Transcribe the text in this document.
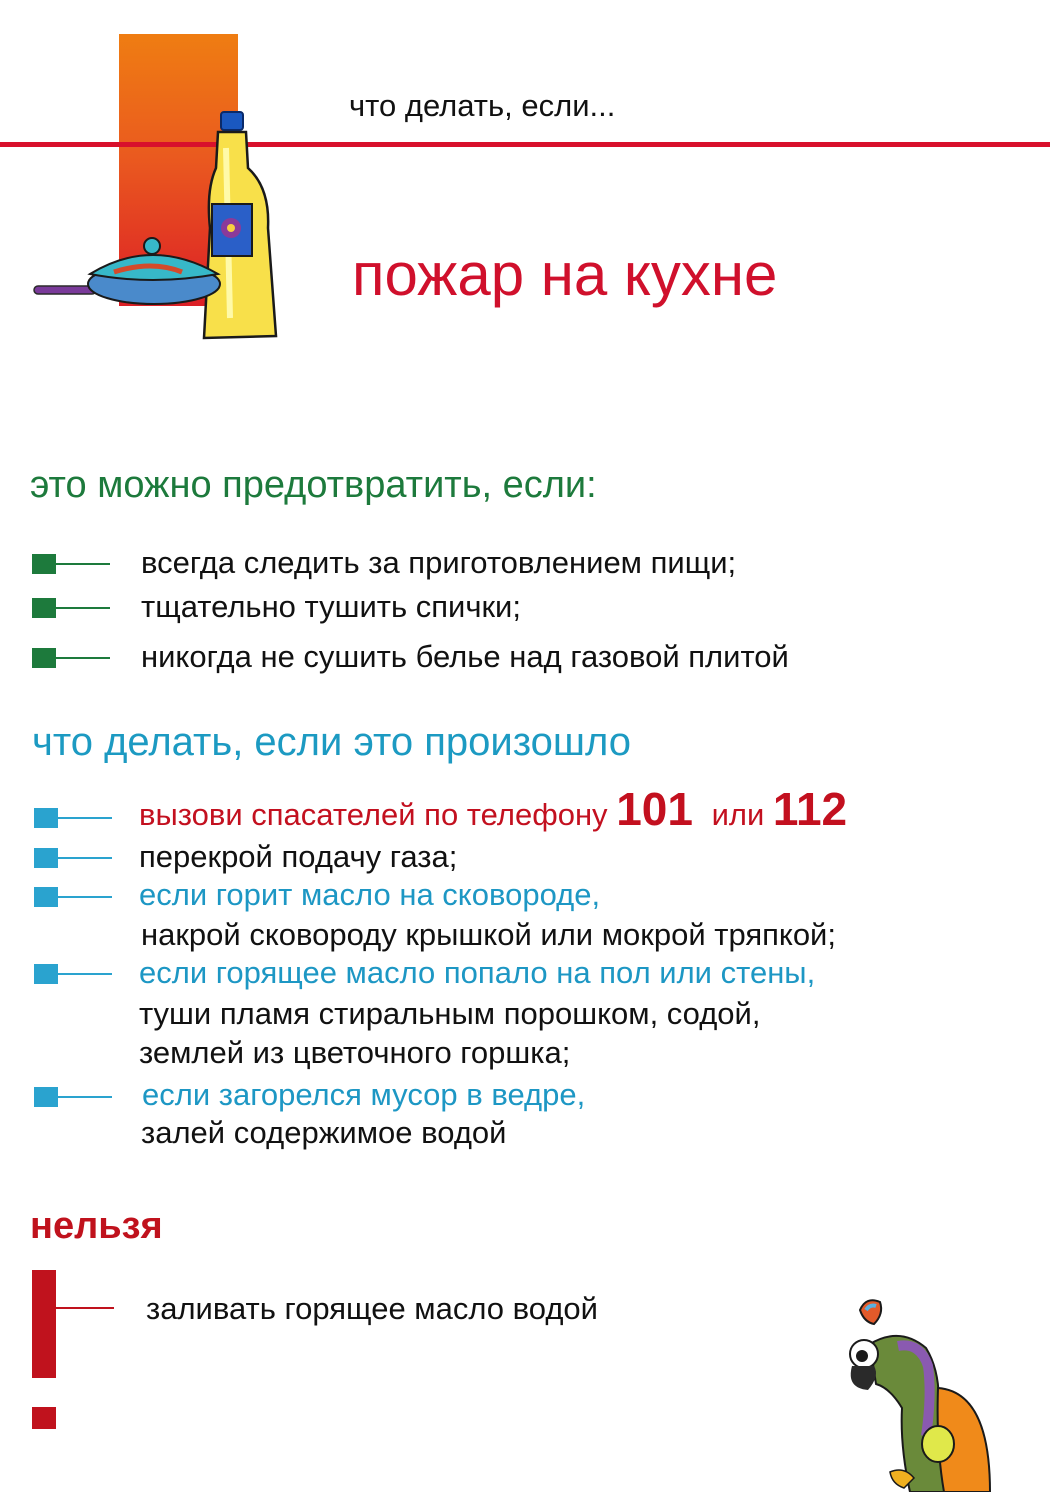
что делать, если...
пожар на кухне
это можно предотвратить, если:
всегда следить за приготовлением пищи;
тщательно тушить спички;
никогда не сушить белье над газовой плитой
что делать, если это произошло
вызови спасателей по телефону 101 или 112
перекрой подачу газа;
если горит масло на сковороде,
накрой сковороду крышкой или мокрой тряпкой;
если горящее масло попало на пол или стены,
туши пламя стиральным порошком, содой,
землей из цветочного горшка;
если загорелся мусор в ведре,
залей содержимое водой
нельзя
заливать горящее масло водой
